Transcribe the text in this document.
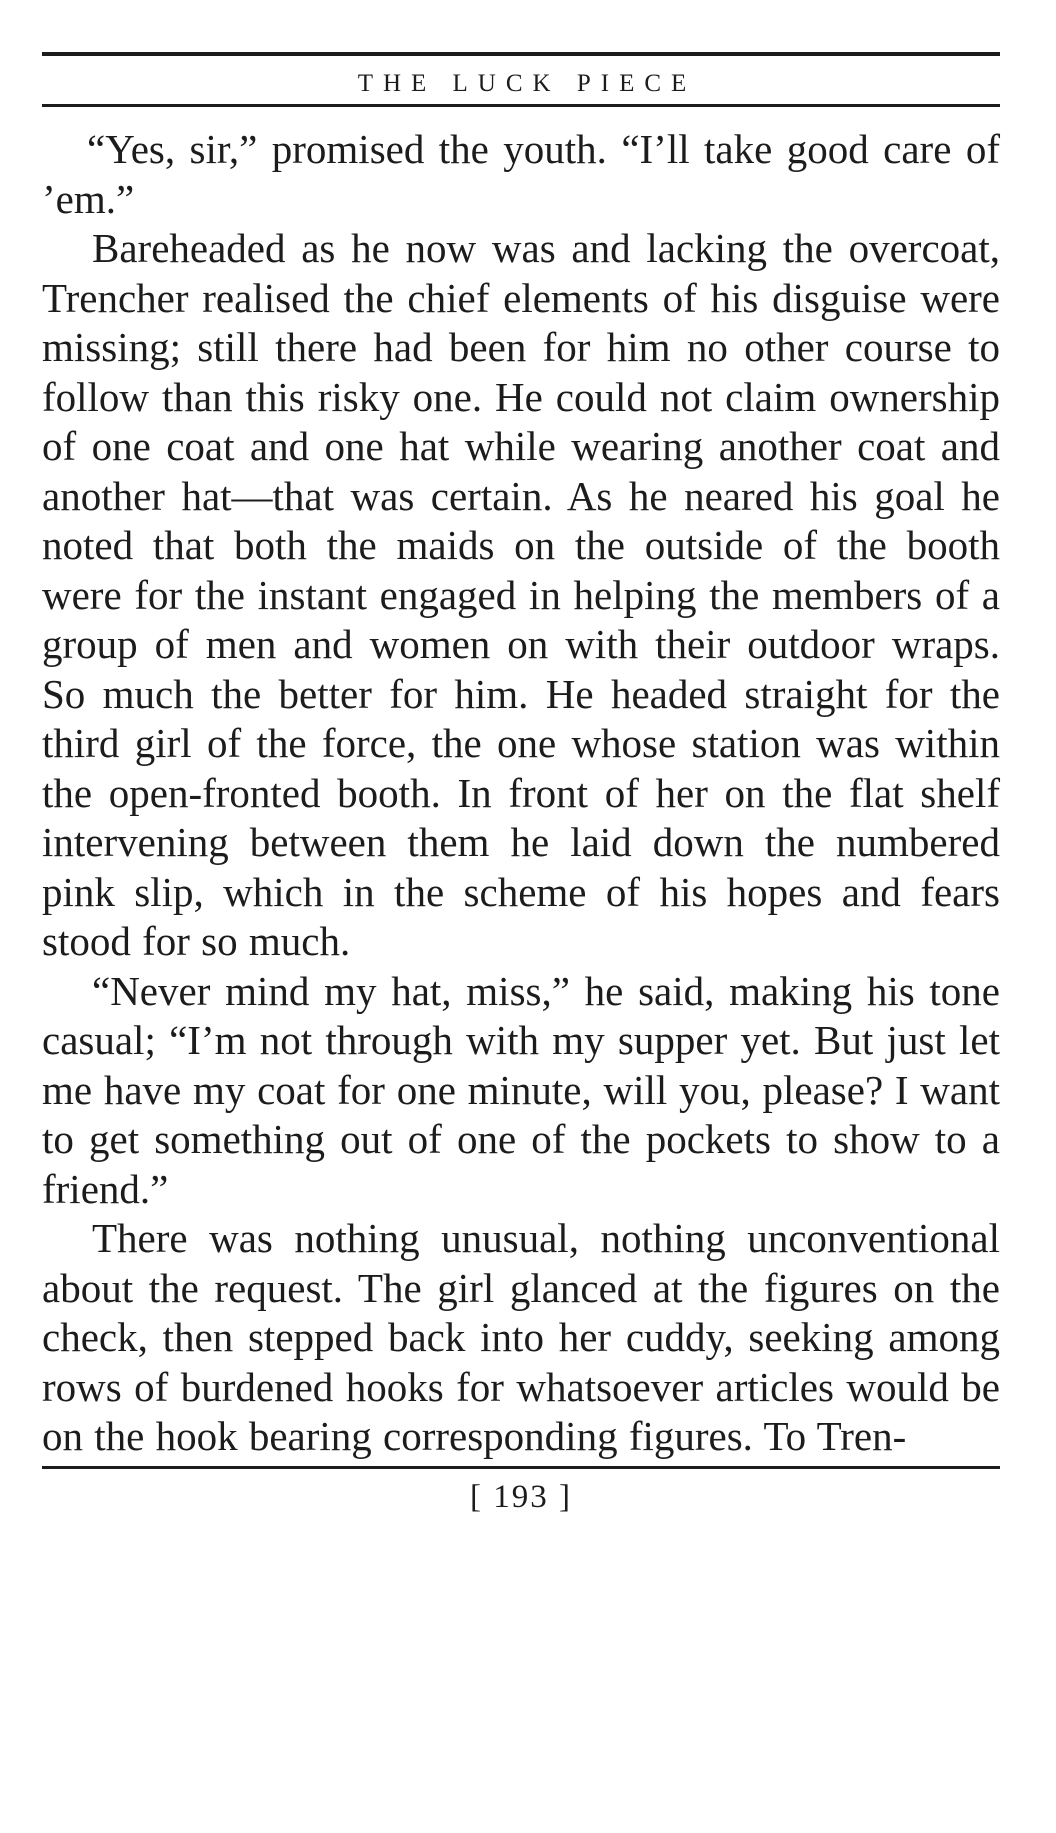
THE LUCK PIECE

“Yes, sir,” promised the youth. “I’ll take good care of ’em.”

Bareheaded as he now was and lacking the overcoat, Trencher realised the chief elements of his disguise were missing; still there had been for him no other course to follow than this risky one. He could not claim ownership of one coat and one hat while wearing another coat and another hat—that was certain. As he neared his goal he noted that both the maids on the outside of the booth were for the instant engaged in helping the members of a group of men and women on with their outdoor wraps. So much the better for him. He headed straight for the third girl of the force, the one whose station was within the open-fronted booth. In front of her on the flat shelf intervening between them he laid down the numbered pink slip, which in the scheme of his hopes and fears stood for so much.

“Never mind my hat, miss,” he said, making his tone casual; “I’m not through with my supper yet. But just let me have my coat for one minute, will you, please? I want to get something out of one of the pockets to show to a friend.”

There was nothing unusual, nothing unconventional about the request. The girl glanced at the figures on the check, then stepped back into her cuddy, seeking among rows of burdened hooks for whatsoever articles would be on the hook bearing corresponding figures. To Tren-

[ 193 ]
